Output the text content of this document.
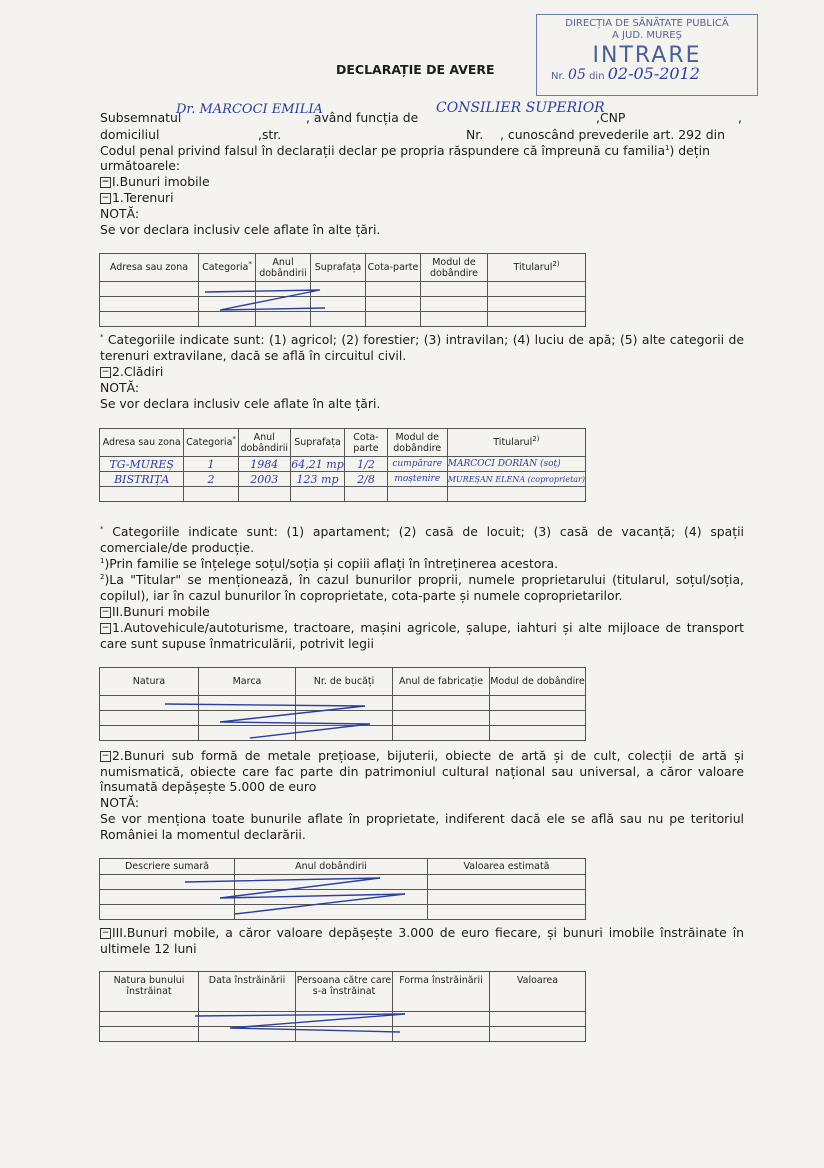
DIRECȚIA DE SĂNĂTATE PUBLICĂ
A JUD. MUREȘ
INTRARE
Nr. 05 din 02-05-2012
DECLARAȚIE DE AVERE
Subsemnatul
Dr. MARCOCI EMILIA
, având funcția de
CONSILIER SUPERIOR
,CNP	,
domiciliul	,str.	Nr. , cunoscând prevederile art. 292 din
Codul penal privind falsul în declarații declar pe propria răspundere că împreună cu familia$^1$) dețin
următoarele:
− I.Bunuri imobile
− 1.Terenuri
NOTĂ:
Se vor declara inclusiv cele aflate în alte țări.
Adresa sau zona	Categoria*	Anul dobândirii	Suprafața	Cota-parte	Modul de dobândire	Titularul$^{2)}$

* Categoriile indicate sunt: (1) agricol; (2) forestier; (3) intravilan; (4) luciu de apă; (5) alte categorii de terenuri extravilane, dacă se află în circuitul civil.
− 2.Clădiri
NOTĂ:
Se vor declara inclusiv cele aflate în alte țări.
Adresa sau zona	Categoria*	Anul dobândirii	Suprafața	Cota-parte	Modul de dobândire	Titularul$^{2)}$
TG-MUREȘ	1	1984	64,21 mp	1/2	cumpărare	MARCOCI DORIAN (soț)
BISTRIȚA	2	2003	123 mp	2/8	moștenire	MUREȘAN ELENA (coproprietar)

* Categoriile indicate sunt: (1) apartament; (2) casă de locuit; (3) casă de vacanță; (4) spații comerciale/de producție.
$^1$)Prin familie se înțelege soțul/soția și copiii aflați în întreținerea acestora.
$^2$)La "Titular" se menționează, în cazul bunurilor proprii, numele proprietarului (titularul, soțul/soția, copilul), iar în cazul bunurilor în coproprietate, cota-parte și numele coproprietarilor.
− II.Bunuri mobile
− 1.Autovehicule/autoturisme, tractoare, mașini agricole, șalupe, iahturi și alte mijloace de transport care sunt supuse înmatriculării, potrivit legii
Natura	Marca	Nr. de bucăți	Anul de fabricație	Modul de dobândire

− 2.Bunuri sub formă de metale prețioase, bijuterii, obiecte de artă și de cult, colecții de artă și numismatică, obiecte care fac parte din patrimoniul cultural național sau universal, a căror valoare însumată depășește 5.000 de euro
NOTĂ:
Se vor menționa toate bunurile aflate în proprietate, indiferent dacă ele se află sau nu pe teritoriul României la momentul declarării.
Descriere sumară	Anul dobândirii	Valoarea estimată

− III.Bunuri mobile, a căror valoare depășește 3.000 de euro fiecare, și bunuri imobile înstrăinate în ultimele 12 luni
Natura bunului înstrăinat	Data înstrăinării	Persoana către care s-a înstrăinat	Forma înstrăinării	Valoarea
